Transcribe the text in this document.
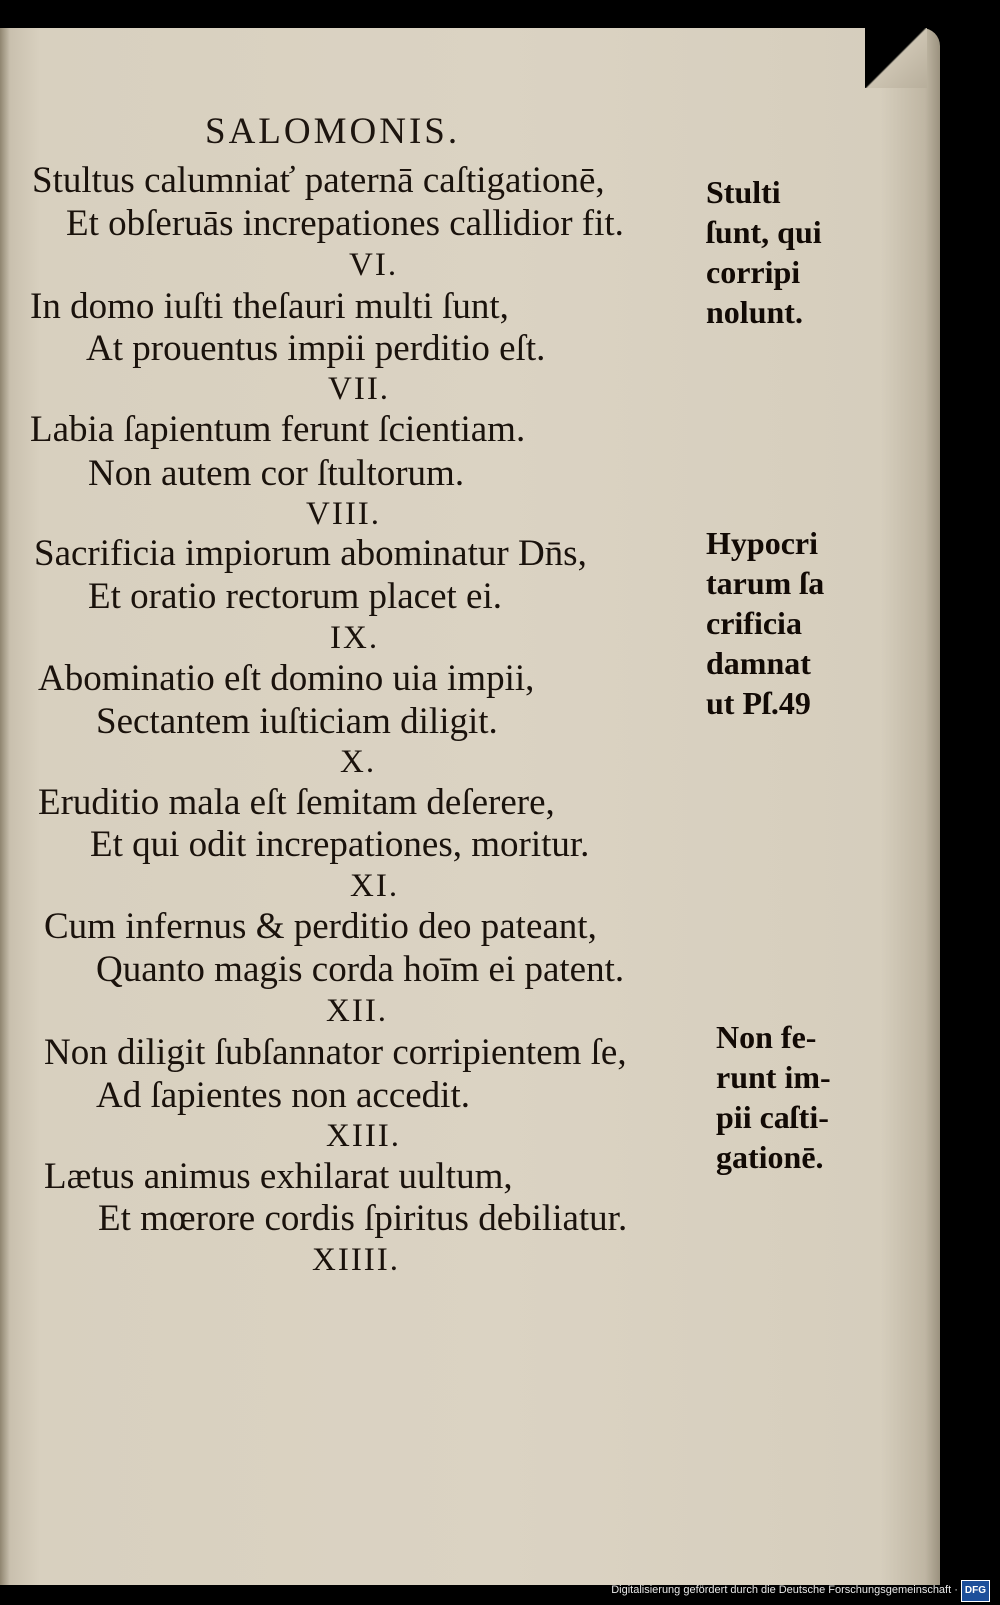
SALOMONIS.
Stultus calumniať paternā caſtigationē,
Et obſeruās increpationes callidior fit.
VI.
In domo iuſti theſauri multi ſunt,
At prouentus impii perditio eſt.
VII.
Labia ſapientum ferunt ſcientiam.
Non autem cor ſtultorum.
VIII.
Sacrificia impiorum abominatur Dn̄s,
Et oratio rectorum placet ei.
IX.
Abominatio eſt domino uia impii,
Sectantem iuſticiam diligit.
X.
Eruditio mala eſt ſemitam deſerere,
Et qui odit increpationes, moritur.
XI.
Cum infernus & perditio deo pateant,
Quanto magis corda hoīm ei patent.
XII.
Non diligit ſubſannator corripientem ſe,
Ad ſapientes non accedit.
XIII.
Lætus animus exhilarat uultum,
Et mœrore cordis ſpiritus debiliatur.
XIIII.
Stulti
ſunt, qui
corripi
nolunt.
Hypocri
tarum ſa
crificia
damnat
ut Pſ.49
Non fe-
runt im-
pii caſti-
gationē.
Digitalisierung gefördert durch die Deutsche Forschungsgemeinschaft · DFG
